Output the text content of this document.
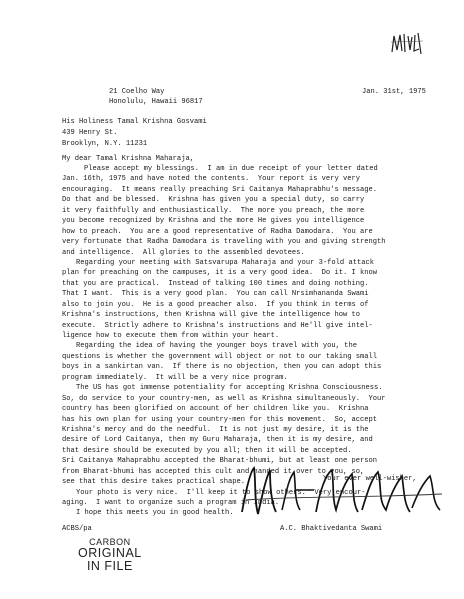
21 Coelho Way
Honolulu, Hawaii 96817
Jan. 31st, 1975
His Holiness Tamal Krishna Gosvami
439 Henry St.
Brooklyn, N.Y. 11231
My dear Tamal Krishna Maharaja,
Please accept my blessings.  I am in due receipt of your letter dated
Jan. 16th, 1975 and have noted the contents.  Your report is very very
encouraging.  It means really preaching Sri Caitanya Mahaprabhu's message.
Do that and be blessed.  Krishna has given you a special duty, so carry
it very faithfully and enthusiastically.  The more you preach, the more
you become recognized by Krishna and the more He gives you intelligence
how to preach.  You are a good representative of Radha Damodara.  You are
very fortunate that Radha Damodara is traveling with you and giving strength
and intelligence.  All glories to the assembled devotees.
Regarding your meeting with Satsvarupa Maharaja and your 3-fold attack
plan for preaching on the campuses, it is a very good idea.  Do it. I know
that you are practical.  Instead of talking 100 times and doing nothing.
That I want.  This is a very good plan.  You can call Nrsimhananda Swami
also to join you.  He is a good preacher also.  If you think in terms of
Krishna's instructions, then Krishna will give the intelligence how to
execute.  Strictly adhere to Krishna's instructions and He'll give intel-
ligence how to execute them from within your heart.
Regarding the idea of having the younger boys travel with you, the
questions is whether the government will object or not to our taking small
boys in a sankirtan van.  If there is no objection, then you can adopt this
program immediately.  It will be a very nice program.
The US has got immense potentiality for accepting Krishna Consciousness.
So, do service to your country-men, as well as Krishna simultaneously.  Your
country has been glorified on account of her children like you.  Krishna
has his own plan for using your country-men for this movement.  So, accept
Krishna's mercy and do the needful.  It is not just my desire, it is the
desire of Lord Caitanya, then my Guru Maharaja, then it is my desire, and
that desire should be executed by you all; then it will be accepted.
Sri Caitanya Mahaprabhu accepted the Bharat-bhumi, but at least one person
from Bharat-bhumi has accepted this cult and handed it over to you, so,
see that this desire takes practical shape.
Your photo is very nice.  I'll keep it to show others.  Very encour-
aging.  I want to organize such a program in India.
I hope this meets you in good health.
Your ever well-wisher,
A.C. Bhaktivedanta Swami
ACBS/pa
CARBON
ORIGINAL
IN FILE
